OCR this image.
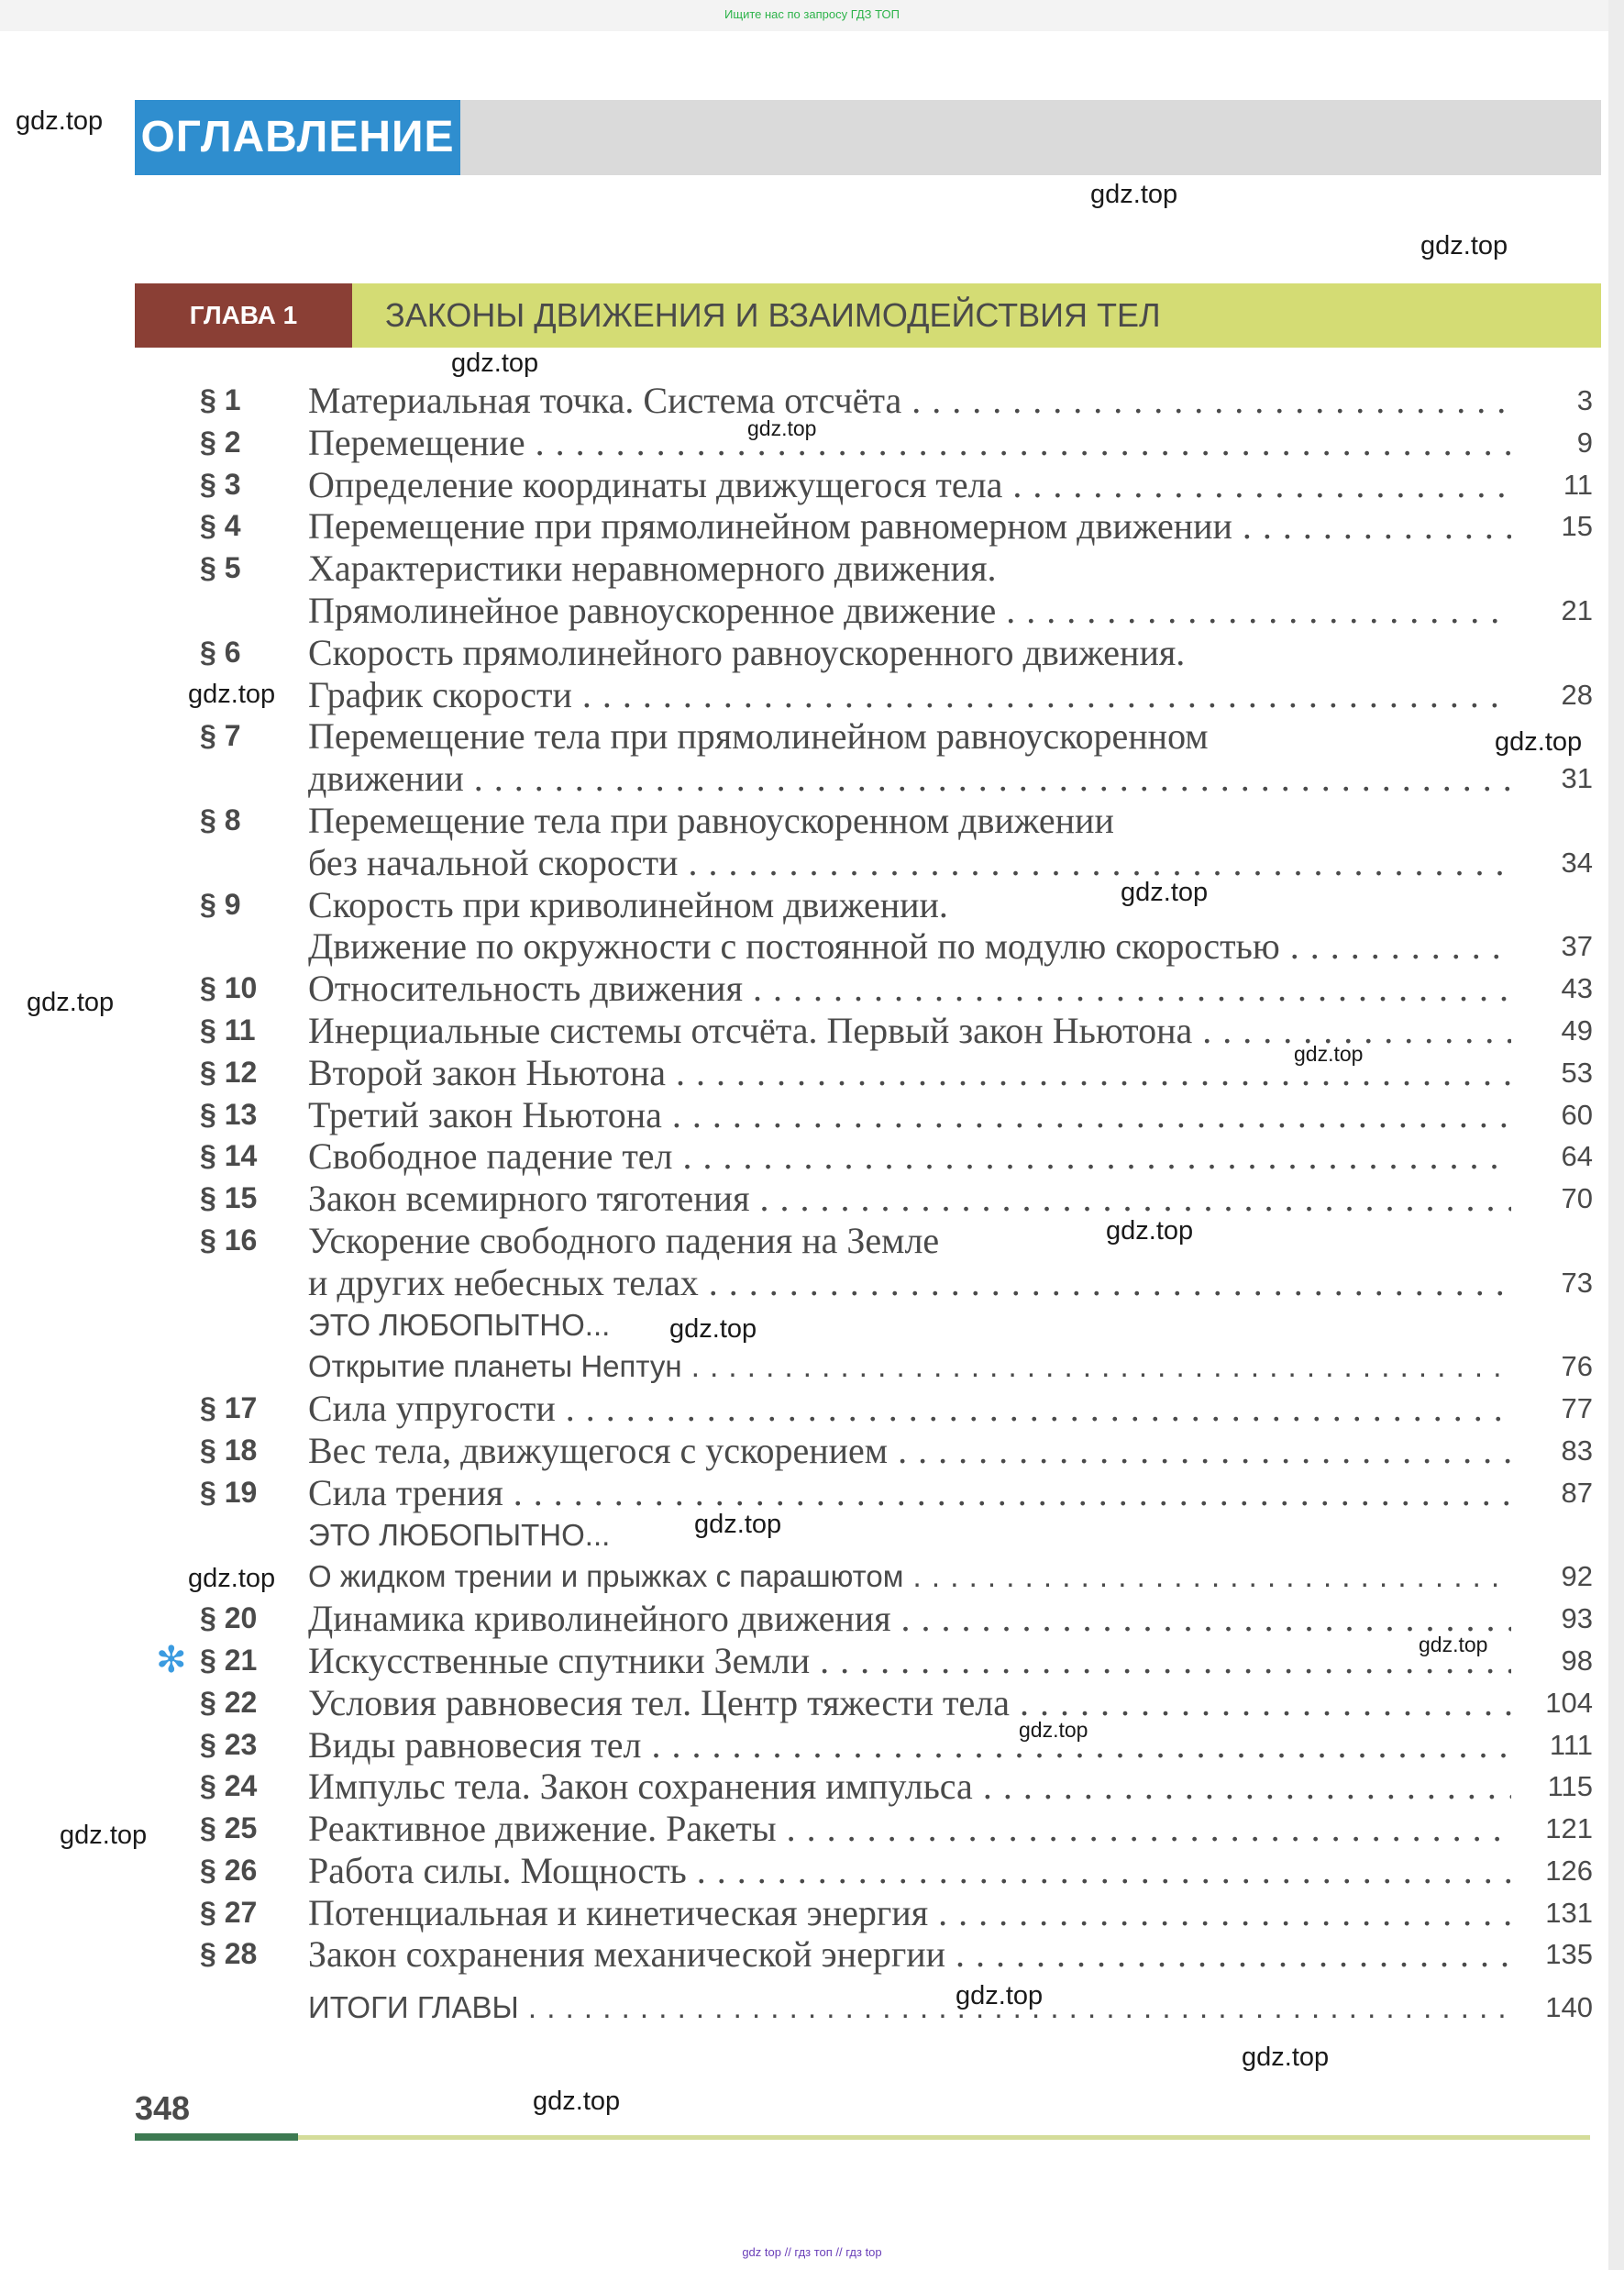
Ищите нас по запросу ГДЗ ТОП
ОГЛАВЛЕНИЕ
ГЛАВА 1	ЗАКОНЫ ДВИЖЕНИЯ И ВЗАИМОДЕЙСТВИЯ ТЕЛ
§ 1 Материальная точка. Система отсчёта . . .	3
§ 2 Перемещение . . .	9
§ 3 Определение координаты движущегося тела . . .	11
§ 4 Перемещение при прямолинейном равномерном движении . . .	15
§ 5 Характеристики неравномерного движения.
Прямолинейное равноускоренное движение . . .	21
§ 6 Скорость прямолинейного равноускоренного движения.
График скорости . . .	28
§ 7 Перемещение тела при прямолинейном равноускоренном
движении . . .	31
§ 8 Перемещение тела при равноускоренном движении
без начальной скорости . . .	34
§ 9 Скорость при криволинейном движении.
Движение по окружности с постоянной по модулю скоростью . . .	37
§ 10 Относительность движения . . .	43
§ 11 Инерциальные системы отсчёта. Первый закон Ньютона . . .	49
§ 12 Второй закон Ньютона . . .	53
§ 13 Третий закон Ньютона . . .	60
§ 14 Свободное падение тел . . .	64
§ 15 Закон всемирного тяготения . . .	70
§ 16 Ускорение свободного падения на Земле
и других небесных телах . . .	73
ЭТО ЛЮБОПЫТНО...
Открытие планеты Нептун . . .	76
§ 17 Сила упругости . . .	77
§ 18 Вес тела, движущегося с ускорением . . .	83
§ 19 Сила трения . . .	87
ЭТО ЛЮБОПЫТНО...
О жидком трении и прыжках с парашютом . . .	92
§ 20 Динамика криволинейного движения . . .	93
✻ § 21 Искусственные спутники Земли . . .	98
§ 22 Условия равновесия тел. Центр тяжести тела . . .	104
§ 23 Виды равновесия тел . . .	111
§ 24 Импульс тела. Закон сохранения импульса . . .	115
§ 25 Реактивное движение. Ракеты . . .	121
§ 26 Работа силы. Мощность . . .	126
§ 27 Потенциальная и кинетическая энергия . . .	131
§ 28 Закон сохранения механической энергии . . .	135
ИТОГИ ГЛАВЫ . . .	140
348
gdz.top
gdz.top
gdz.top
gdz.top
gdz.top
gdz.top
gdz.top
gdz.top
gdz.top
gdz.top
gdz.top
gdz.top
gdz.top
gdz.top
gdz.top
gdz.top
gdz.top
gdz.top
gdz.top
gdz.top
gdz top // гдз топ // гдз top
